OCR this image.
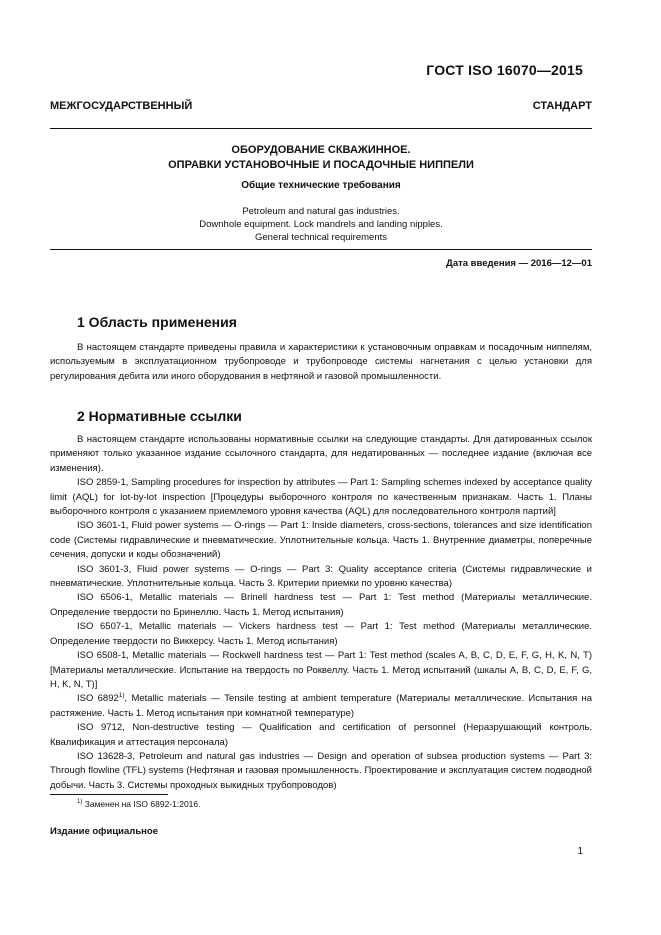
ГОСТ ISO 16070—2015
МЕЖГОСУДАРСТВЕННЫЙ СТАНДАРТ
ОБОРУДОВАНИЕ СКВАЖИННОЕ.
ОПРАВКИ УСТАНОВОЧНЫЕ И ПОСАДОЧНЫЕ НИППЕЛИ
Общие технические требования
Petroleum and natural gas industries.
Downhole equipment. Lock mandrels and landing nipples.
General technical requirements
Дата введения — 2016—12—01
1 Область применения

В настоящем стандарте приведены правила и характеристики к установочным оправкам и посадочным ниппелям, используемым в эксплуатационном трубопроводе и трубопроводе системы нагнетания с целью установки для регулирования дебита или иного оборудования в нефтяной и газовой промышленности.

2 Нормативные ссылки

В настоящем стандарте использованы нормативные ссылки на следующие стандарты. Для датированных ссылок применяют только указанное издание ссылочного стандарта, для недатированных — последнее издание (включая все изменения).

ISO 2859-1, Sampling procedures for inspection by attributes — Part 1: Sampling schemes indexed by acceptance quality limit (AQL) for lot-by-lot inspection [Процедуры выборочного контроля по качественным признакам. Часть 1. Планы выборочного контроля с указанием приемлемого уровня качества (AQL) для последовательного контроля партий]

ISO 3601-1, Fluid power systems — O-rings — Part 1: Inside diameters, cross-sections, tolerances and size identification code (Системы гидравлические и пневматические. Уплотнительные кольца. Часть 1. Внутренние диаметры, поперечные сечения, допуски и коды обозначений)

ISO 3601-3, Fluid power systems — O-rings — Part 3: Quality acceptance criteria (Системы гидравлические и пневматические. Уплотнительные кольца. Часть 3. Критерии приемки по уровню качества)

ISO 6506-1, Metallic materials — Brinell hardness test — Part 1: Test method (Материалы металлические. Определение твердости по Бринеллю. Часть 1. Метод испытания)

ISO 6507-1, Metallic materials — Vickers hardness test — Part 1: Test method (Материалы металлические. Определение твердости по Виккерсу. Часть 1. Метод испытания)

ISO 6508-1, Metallic materials — Rockwell hardness test — Part 1: Test method (scales A, B, C, D, E, F, G, H, K, N, T) [Материалы металлические. Испытание на твердость по Роквеллу. Часть 1. Метод испытаний (шкалы A, B, C, D, E, F, G, H, K, N, T)]

ISO 6892$^{1)}$, Metallic materials — Tensile testing at ambient temperature (Материалы металлические. Испытания на растяжение. Часть 1. Метод испытания при комнатной температуре)

ISO 9712, Non-destructive testing — Qualification and certification of personnel (Неразрушающий контроль. Квалификация и аттестация персонала)

ISO 13628-3, Petroleum and natural gas industries — Design and operation of subsea production systems — Part 3: Through flowline (TFL) systems (Нефтяная и газовая промышленность. Проектирование и эксплуатация систем подводной добычи. Часть 3. Системы проходных выкидных трубопроводов)

$^{1)}$ Заменен на ISO 6892-1:2016.
Издание официальное
1
